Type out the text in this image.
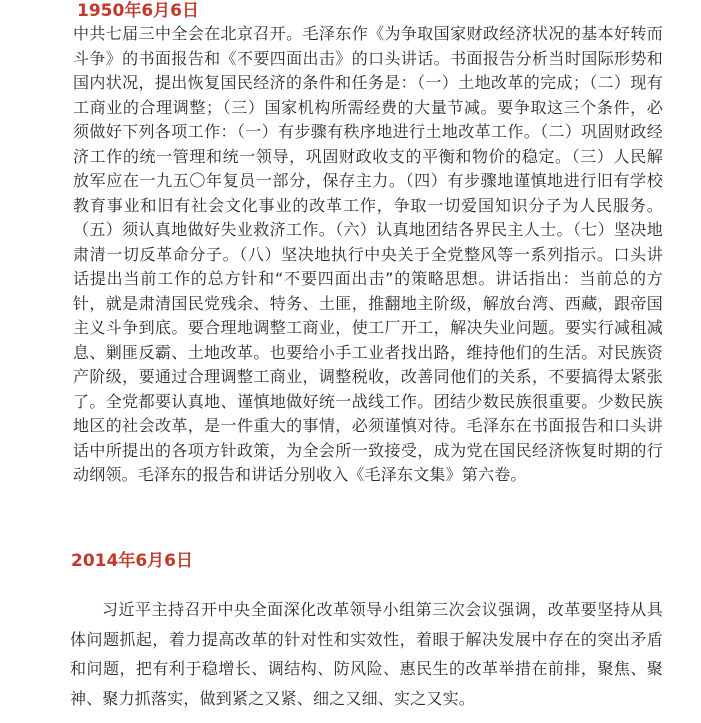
1950年6月6日

中共七届三中全会在北京召开。毛泽东作《为争取国家财政经济状况的基本好转而斗争》的书面报告和《不要四面出击》的口头讲话。书面报告分析当时国际形势和国内状况，提出恢复国民经济的条件和任务是：（一）土地改革的完成；（二）现有工商业的合理调整；（三）国家机构所需经费的大量节减。要争取这三个条件，必须做好下列各项工作：（一）有步骤有秩序地进行土地改革工作。（二）巩固财政经济工作的统一管理和统一领导，巩固财政收支的平衡和物价的稳定。（三）人民解放军应在一九五〇年复员一部分，保存主力。（四）有步骤地谨慎地进行旧有学校教育事业和旧有社会文化事业的改革工作，争取一切爱国知识分子为人民服务。（五）须认真地做好失业救济工作。（六）认真地团结各界民主人士。（七）坚决地肃清一切反革命分子。（八）坚决地执行中央关于全党整风等一系列指示。口头讲话提出当前工作的总方针和“不要四面出击”的策略思想。讲话指出：当前总的方针，就是肃清国民党残余、特务、土匪，推翻地主阶级，解放台湾、西藏，跟帝国主义斗争到底。要合理地调整工商业，使工厂开工，解决失业问题。要实行减租减息、剿匪反霸、土地改革。也要给小手工业者找出路，维持他们的生活。对民族资产阶级，要通过合理调整工商业，调整税收，改善同他们的关系，不要搞得太紧张了。全党都要认真地、谨慎地做好统一战线工作。团结少数民族很重要。少数民族地区的社会改革，是一件重大的事情，必须谨慎对待。毛泽东在书面报告和口头讲话中所提出的各项方针政策，为全会所一致接受，成为党在国民经济恢复时期的行动纲领。毛泽东的报告和讲话分别收入《毛泽东文集》第六卷。

2014年6月6日

习近平主持召开中央全面深化改革领导小组第三次会议强调，改革要坚持从具体问题抓起，着力提高改革的针对性和实效性，着眼于解决发展中存在的突出矛盾和问题，把有利于稳增长、调结构、防风险、惠民生的改革举措在前排，聚焦、聚神、聚力抓落实，做到紧之又紧、细之又细、实之又实。
